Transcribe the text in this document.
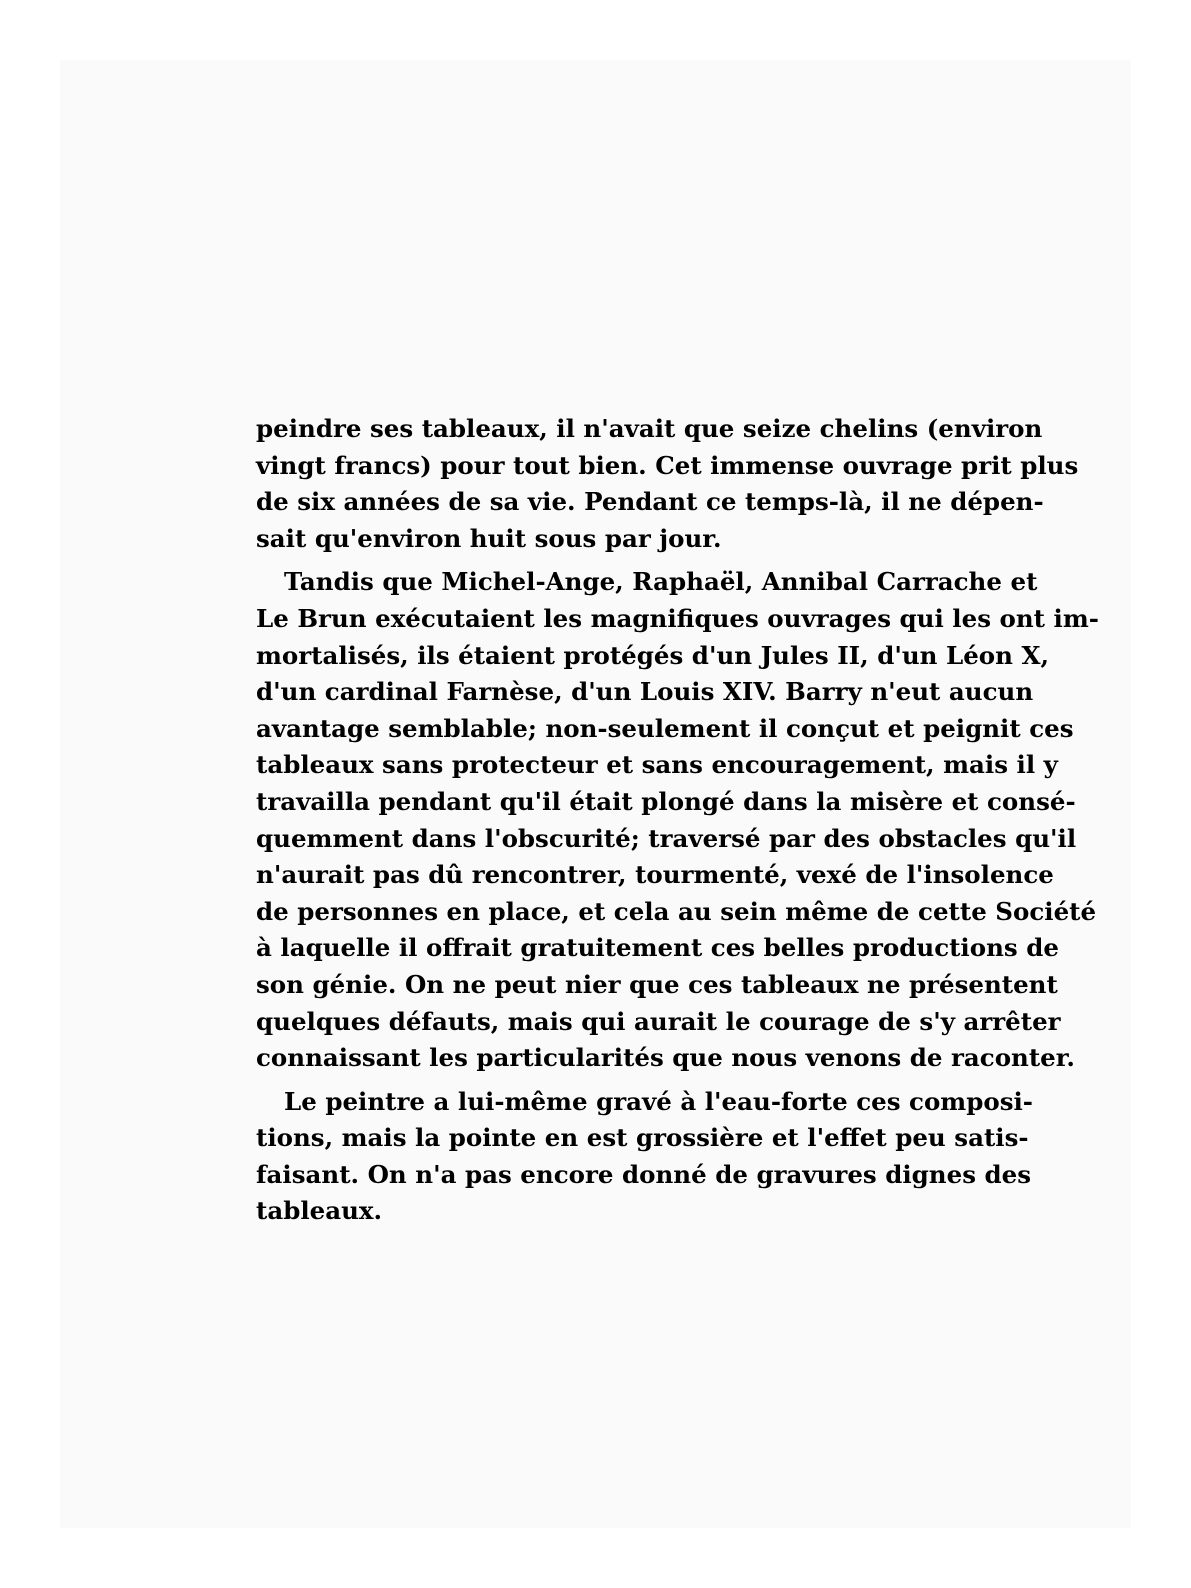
peindre ses tableaux, il n'avait que seize chelins (environ
vingt francs) pour tout bien. Cet immense ouvrage prit plus
de six années de sa vie. Pendant ce temps-là, il ne dépen-
sait qu'environ huit sous par jour.
Tandis que Michel-Ange, Raphaël, Annibal Carrache et
Le Brun exécutaient les magnifiques ouvrages qui les ont im-
mortalisés, ils étaient protégés d'un Jules II, d'un Léon X,
d'un cardinal Farnèse, d'un Louis XIV. Barry n'eut aucun
avantage semblable; non-seulement il conçut et peignit ces
tableaux sans protecteur et sans encouragement, mais il y
travailla pendant qu'il était plongé dans la misère et consé-
quemment dans l'obscurité; traversé par des obstacles qu'il
n'aurait pas dû rencontrer, tourmenté, vexé de l'insolence
de personnes en place, et cela au sein même de cette Société
à laquelle il offrait gratuitement ces belles productions de
son génie. On ne peut nier que ces tableaux ne présentent
quelques défauts, mais qui aurait le courage de s'y arrêter
connaissant les particularités que nous venons de raconter.
Le peintre a lui-même gravé à l'eau-forte ces composi-
tions, mais la pointe en est grossière et l'effet peu satis-
faisant. On n'a pas encore donné de gravures dignes des
tableaux.
